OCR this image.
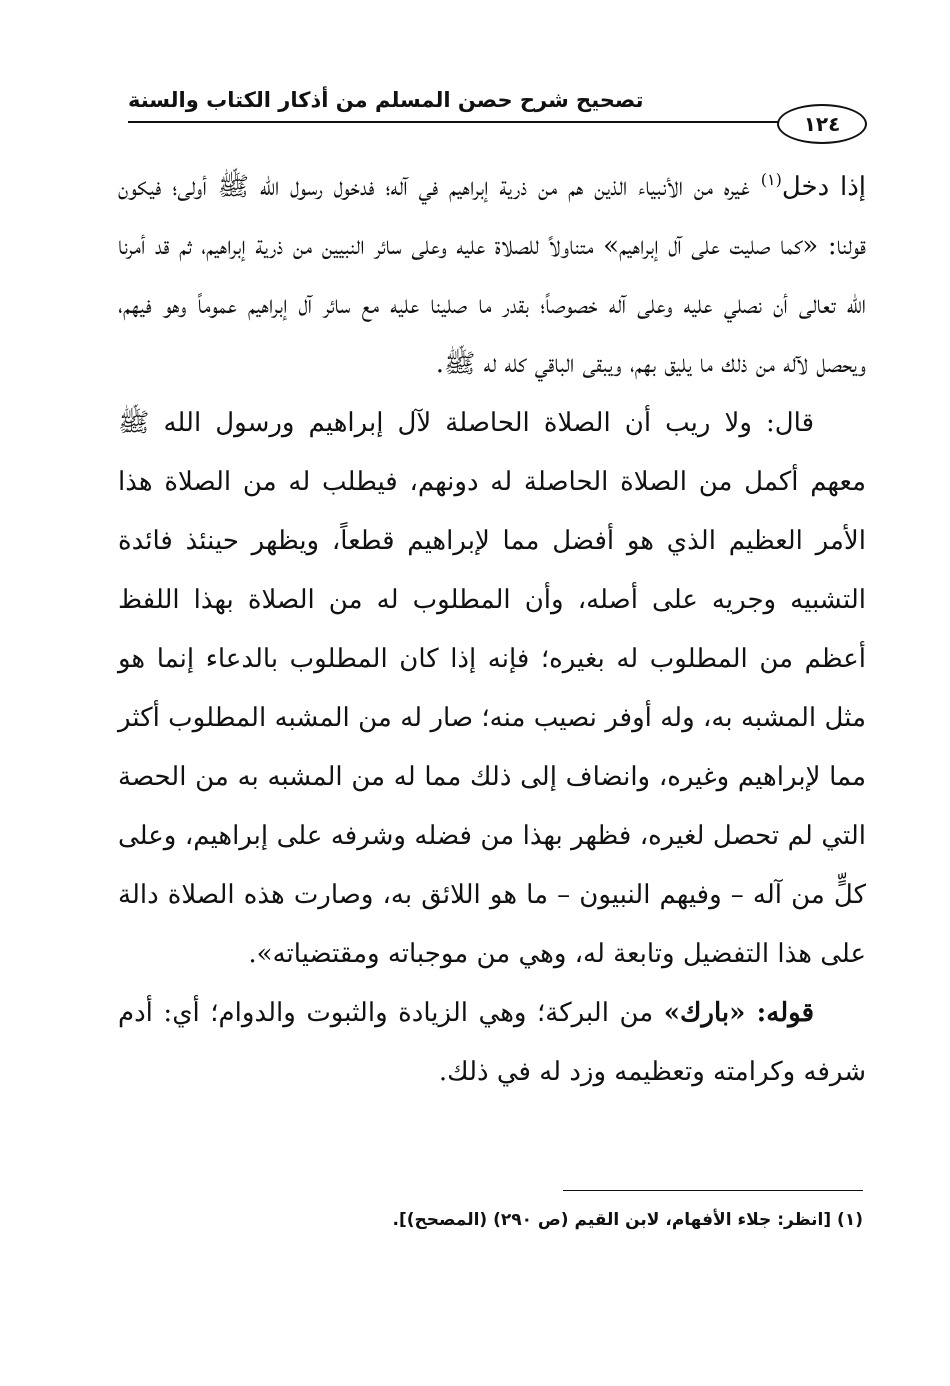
تصحيح شرح حصن المسلم من أذكار الكتاب والسنة
١٢٤

إذا دخل$^{(١)}$ غيره من الأنبياء الذين هم من ذرية إبراهيم في آله؛ فدخول رسول الله ﷺ أولى؛ فيكون قولنا: «كما صليت على آل إبراهيم» متناولاً للصلاة عليه وعلى سائر النبيين من ذرية إبراهيم، ثم قد أمرنا الله تعالى أن نصلي عليه وعلى آله خصوصاً؛ بقدر ما صلينا عليه مع سائر آل إبراهيم عموماً وهو فيهم، ويحصل لآله من ذلك ما يليق بهم، ويبقى الباقي كله له ﷺ.

قال: ولا ريب أن الصلاة الحاصلة لآل إبراهيم ورسول الله ﷺ معهم أكمل من الصلاة الحاصلة له دونهم، فيطلب له من الصلاة هذا الأمر العظيم الذي هو أفضل مما لإبراهيم قطعاً، ويظهر حينئذ فائدة التشبيه وجريه على أصله، وأن المطلوب له من الصلاة بهذا اللفظ أعظم من المطلوب له بغيره؛ فإنه إذا كان المطلوب بالدعاء إنما هو مثل المشبه به، وله أوفر نصيب منه؛ صار له من المشبه المطلوب أكثر مما لإبراهيم وغيره، وانضاف إلى ذلك مما له من المشبه به من الحصة التي لم تحصل لغيره، فظهر بهذا من فضله وشرفه على إبراهيم، وعلى كلٍّ من آله – وفيهم النبيون – ما هو اللائق به، وصارت هذه الصلاة دالة على هذا التفضيل وتابعة له، وهي من موجباته ومقتضياته».

قوله: «بارك» من البركة؛ وهي الزيادة والثبوت والدوام؛ أي: أدم شرفه وكرامته وتعظيمه وزد له في ذلك.

(١) [انظر: جلاء الأفهام، لابن القيم (ص ٢٩٠) (المصحح)].
